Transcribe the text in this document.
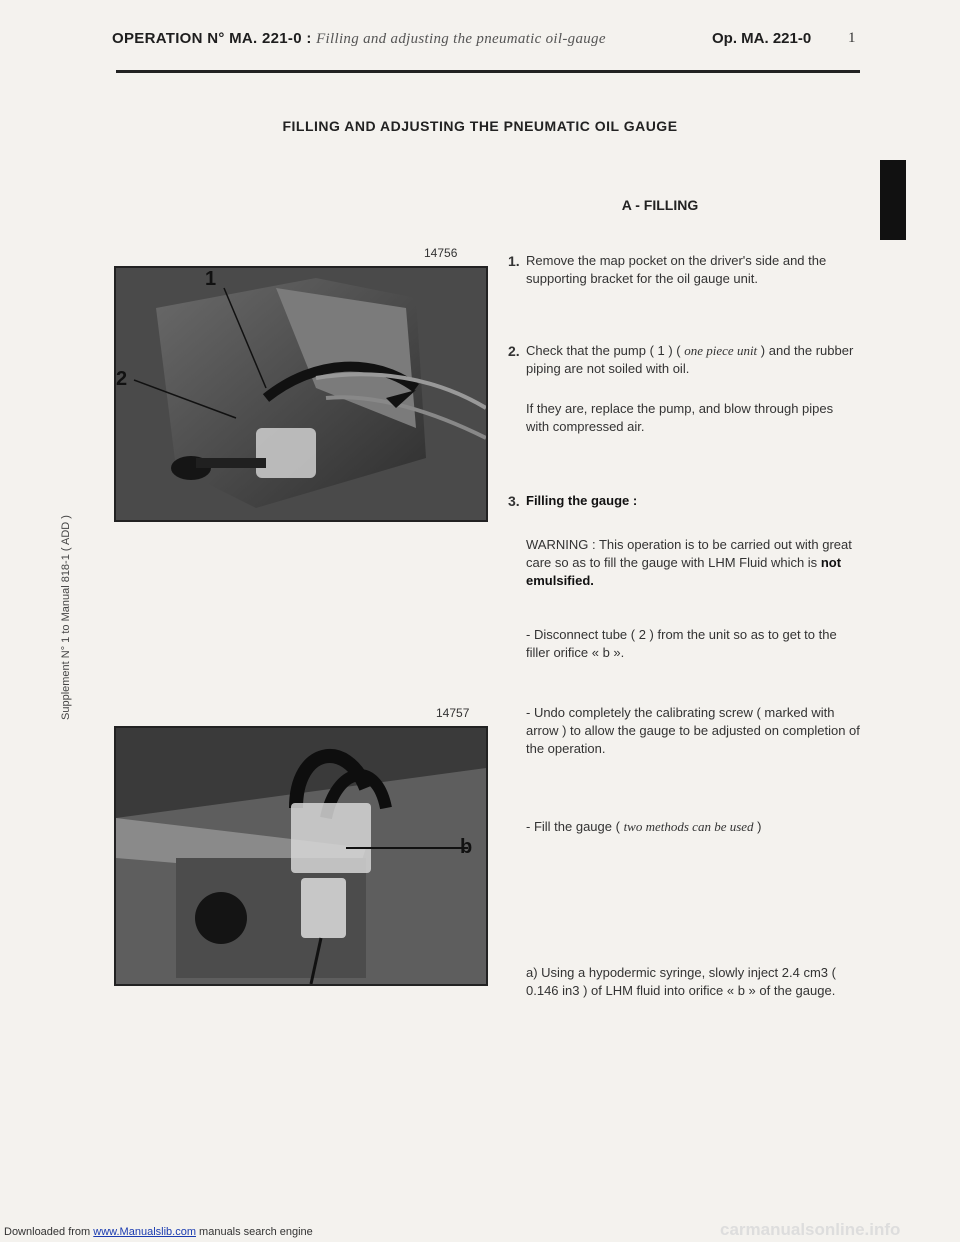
OPERATION N° MA. 221-0 : Filling and adjusting the pneumatic oil-gauge	Op. MA. 221-0 1
FILLING AND ADJUSTING THE PNEUMATIC OIL GAUGE
A - FILLING
Supplement N° 1 to Manual 818-1 ( ADD )
14756
1
2
14757
b
1. Remove the map pocket on the driver's side and the supporting bracket for the oil gauge unit.
2. Check that the pump ( 1 ) ( one piece unit ) and the rubber piping are not soiled with oil.
If they are, replace the pump, and blow through pipes with compressed air.
3. Filling the gauge :
WARNING : This operation is to be carried out with great care so as to fill the gauge with LHM Fluid which is not emulsified.
- Disconnect tube ( 2 ) from the unit so as to get to the filler orifice « b ».
- Undo completely the calibrating screw ( marked with arrow ) to allow the gauge to be adjusted on completion of the operation.
- Fill the gauge ( two methods can be used )
a) Using a hypodermic syringe, slowly inject 2.4 cm3 ( 0.146 in3 ) of LHM fluid into orifice « b » of the gauge.
Downloaded from www.Manualslib.com manuals search engine	carmanualsonline.info
